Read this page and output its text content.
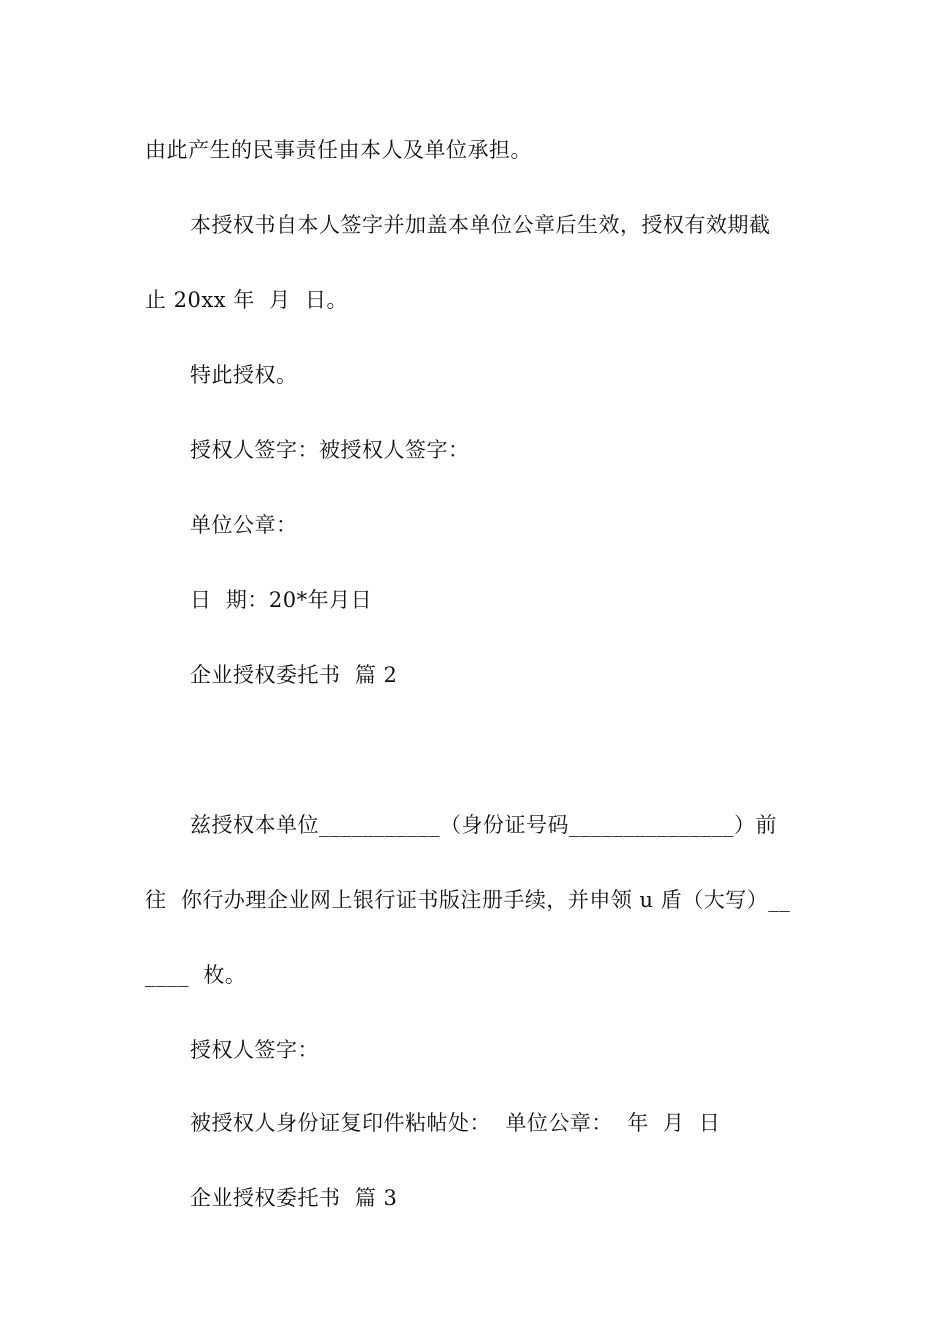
由此产生的民事责任由本人及单位承担。
本授权书自本人签字并加盖本单位公章后生效，授权有效期截
止 20xx 年  月  日。
特此授权。
授权人签字：被授权人签字：
单位公章：
日  期：20*年月日
企业授权委托书  篇 2
兹授权本单位___________（身份证号码_______________）前
往  你行办理企业网上银行证书版注册手续，并申领 u 盾（大写）__
____  枚。
授权人签字：
被授权人身份证复印件粘帖处：  单位公章：  年  月  日
企业授权委托书  篇 3
